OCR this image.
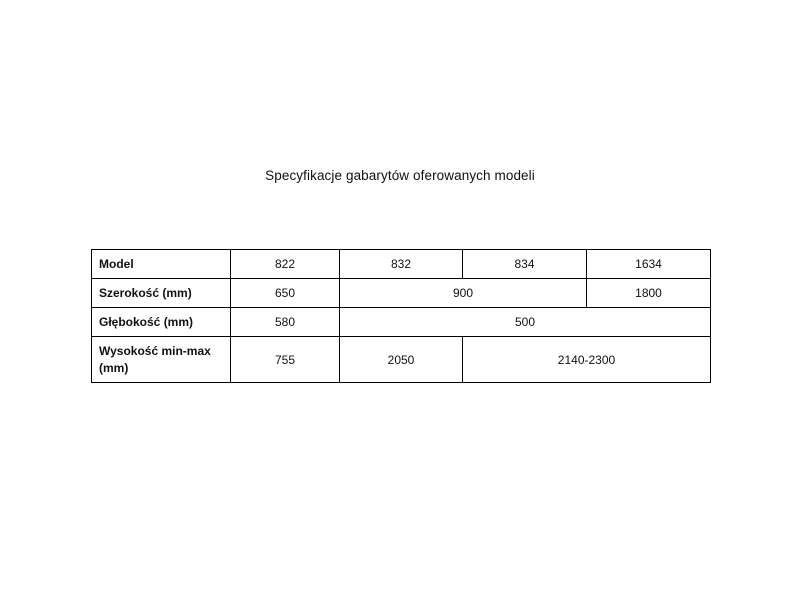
Specyfikacje gabarytów oferowanych modeli
Model	822	832	834	1634
Szerokość (mm)	650	900		1800
Głębokość (mm)	580	500		
Wysokość min-max (mm)	755	2050	2140-2300	
